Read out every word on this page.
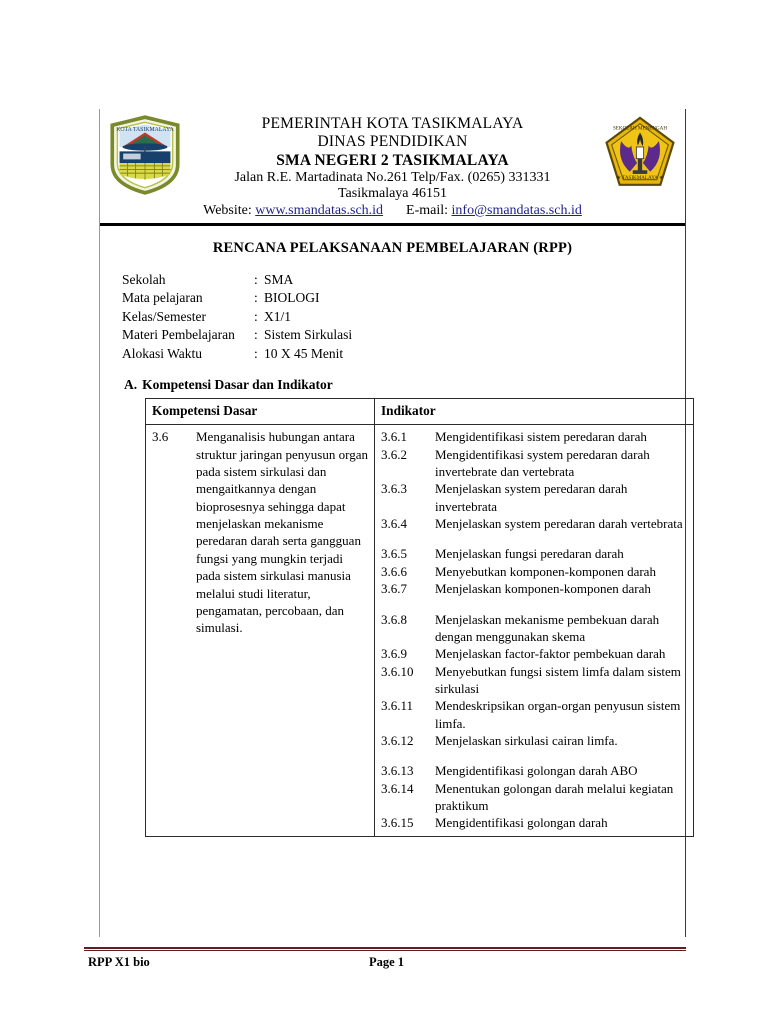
KOTA TASIKMALAYA	SEKOLAH MENENGAH
★ TASIKMALAYA ★
PEMERINTAH KOTA TASIKMALAYA
DINAS PENDIDIKAN
SMA NEGERI 2 TASIKMALAYA
Jalan R.E. Martadinata No.261 Telp/Fax. (0265) 331331
Tasikmalaya 46151
Website: www.smandatas.sch.id E-mail: info@smandatas.sch.id
RENCANA PELAKSANAAN PEMBELAJARAN (RPP)
Sekolah	: SMA
Mata pelajaran	: BIOLOGI
Kelas/Semester	: X1/1
Materi Pembelajaran	: Sistem Sirkulasi
Alokasi Waktu	: 10 X 45 Menit
A. Kompetensi Dasar dan Indikator
Kompetensi Dasar	Indikator

3.6	Menganalisis hubungan antara struktur jaringan penyusun organ pada sistem sirkulasi dan mengaitkannya dengan bioprosesnya sehingga dapat menjelaskan mekanisme peredaran darah serta gangguan fungsi yang mungkin terjadi pada sistem sirkulasi manusia melalui studi literatur, pengamatan, percobaan, dan simulasi.

3.6.1	Mengidentifikasi sistem peredaran darah
3.6.2	Mengidentifikasi system peredaran darah invertebrate dan vertebrata
3.6.3	Menjelaskan system peredaran darah invertebrata
3.6.4	Menjelaskan system peredaran darah vertebrata
3.6.5	Menjelaskan fungsi peredaran darah
3.6.6	Menyebutkan komponen-komponen darah
3.6.7	Menjelaskan komponen-komponen darah
3.6.8	Menjelaskan mekanisme pembekuan darah dengan menggunakan skema
3.6.9	Menjelaskan factor-faktor pembekuan darah
3.6.10	Menyebutkan fungsi sistem limfa dalam sistem sirkulasi
3.6.11	Mendeskripsikan organ-organ penyusun sistem limfa.
3.6.12	Menjelaskan sirkulasi cairan limfa.
3.6.13	Mengidentifikasi golongan darah ABO
3.6.14	Menentukan golongan darah melalui kegiatan praktikum
3.6.15	Mengidentifikasi golongan darah
RPP X1 bio	Page 1
